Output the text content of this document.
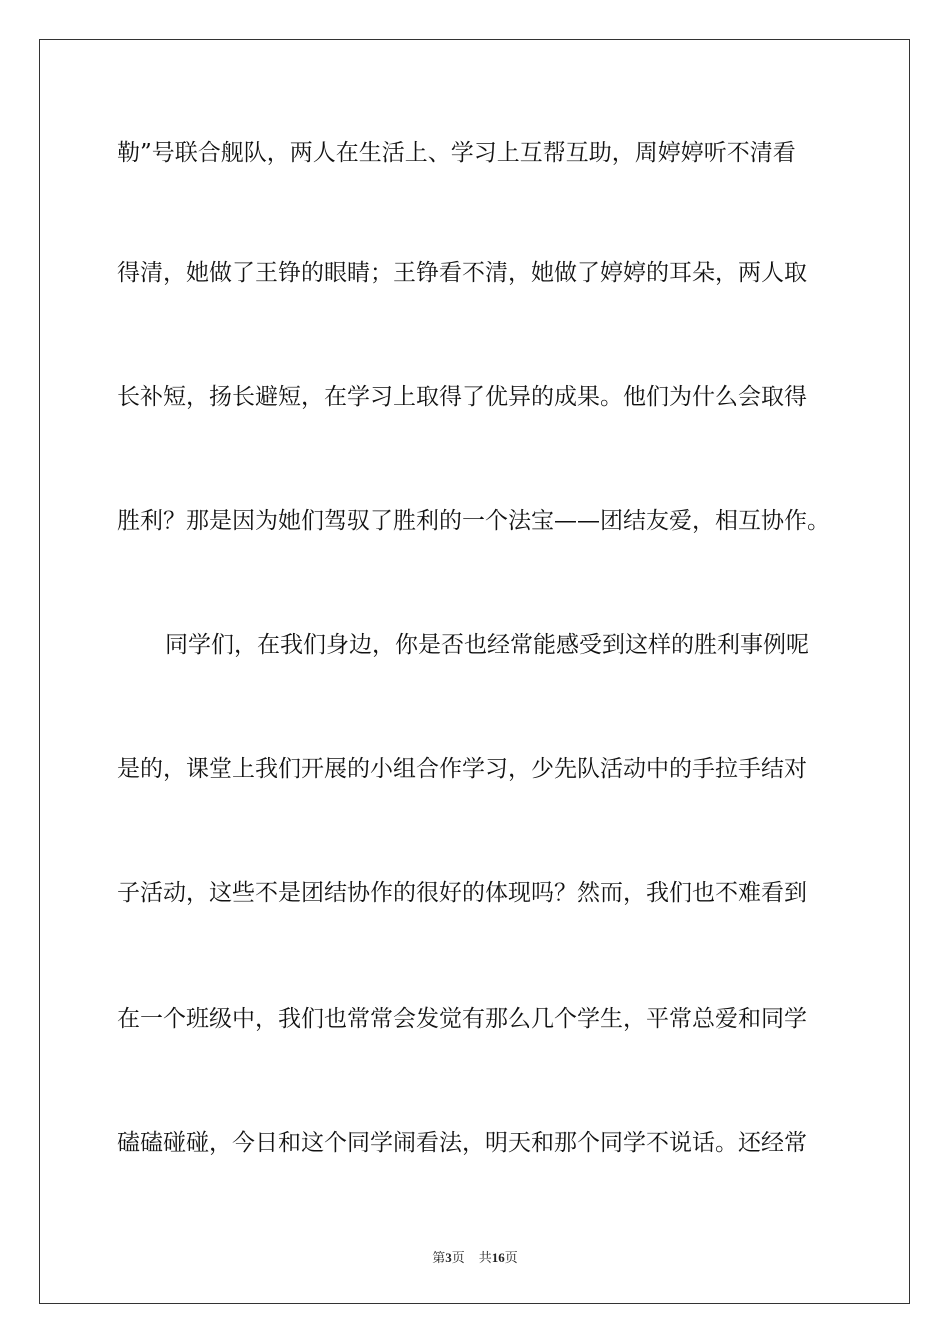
勒”号联合舰队，两人在生活上、学习上互帮互助，周婷婷听不清看
得清，她做了王铮的眼睛；王铮看不清，她做了婷婷的耳朵，两人取
长补短，扬长避短，在学习上取得了优异的成果。他们为什么会取得
胜利？那是因为她们驾驭了胜利的一个法宝——团结友爱，相互协作。
同学们，在我们身边，你是否也经常能感受到这样的胜利事例呢
是的，课堂上我们开展的小组合作学习，少先队活动中的手拉手结对
子活动，这些不是团结协作的很好的体现吗？然而，我们也不难看到
在一个班级中，我们也常常会发觉有那么几个学生，平常总爱和同学
磕磕碰碰，今日和这个同学闹看法，明天和那个同学不说话。还经常
第3页 共16页
